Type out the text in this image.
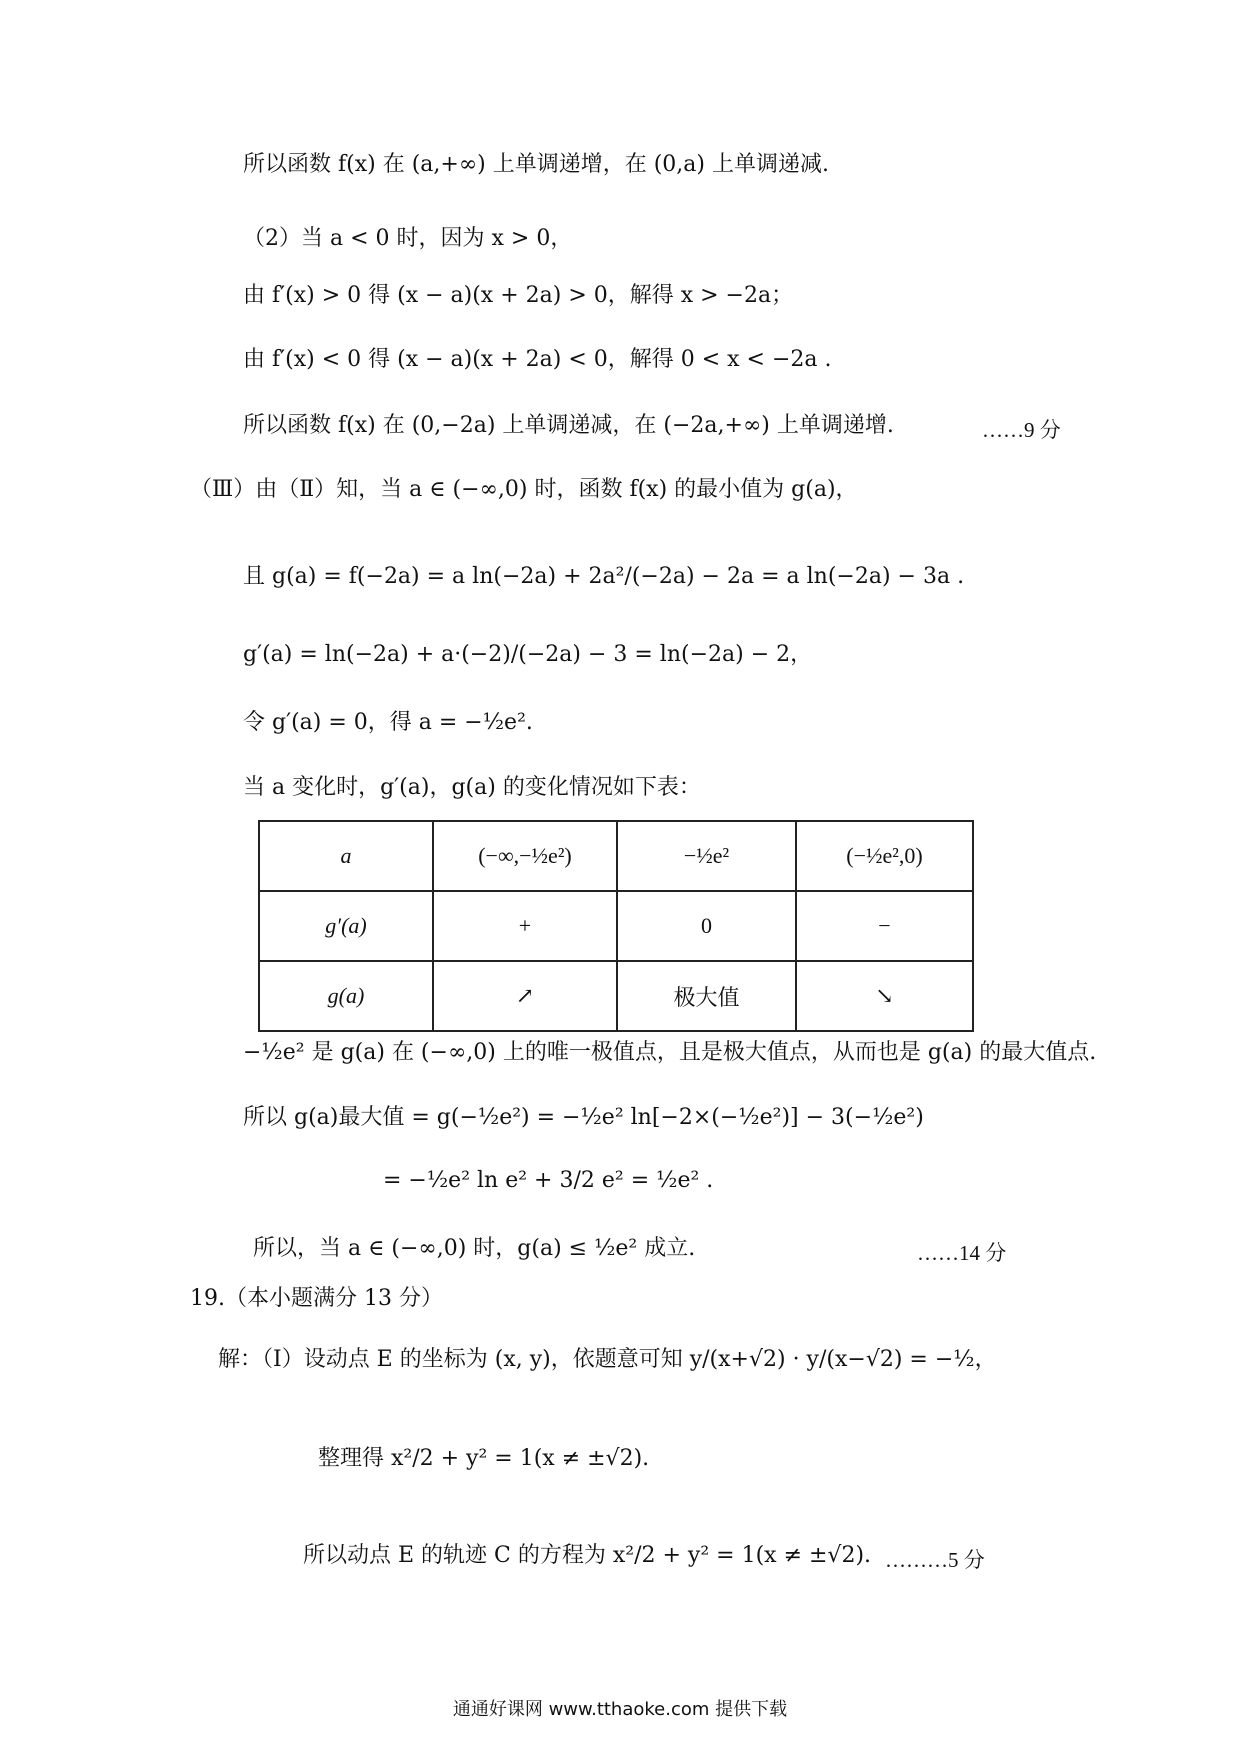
所以函数 f(x) 在 (a,+∞) 上单调递增，在 (0,a) 上单调递减.
（2）当 a < 0 时，因为 x > 0，
由 f′(x) > 0 得 (x − a)(x + 2a) > 0，解得 x > −2a；
由 f′(x) < 0 得 (x − a)(x + 2a) < 0，解得 0 < x < −2a .
所以函数 f(x) 在 (0,−2a) 上单调递减，在 (−2a,+∞) 上单调递增.	……9 分
（Ⅲ）由（Ⅱ）知，当 a ∈ (−∞,0) 时，函数 f(x) 的最小值为 g(a)，
且 g(a) = f(−2a) = a ln(−2a) + 2a²/(−2a) − 2a = a ln(−2a) − 3a .
g′(a) = ln(−2a) + a·(−2)/(−2a) − 3 = ln(−2a) − 2，
令 g′(a) = 0，得 a = −½e².
当 a 变化时，g′(a)，g(a) 的变化情况如下表：
a	(−∞,−½e²)	−½e²	(−½e²,0)
g′(a)	+	0	−
g(a)	↗	极大值	↘
−½e² 是 g(a) 在 (−∞,0) 上的唯一极值点，且是极大值点，从而也是 g(a) 的最大值点.
所以 g(a)最大值 = g(−½e²) = −½e² ln[−2×(−½e²)] − 3(−½e²)
= −½e² ln e² + 3/2 e² = ½e² .
所以，当 a ∈ (−∞,0) 时，g(a) ≤ ½e² 成立.	……14 分
19.（本小题满分 13 分）
解：（Ⅰ）设动点 E 的坐标为 (x, y)，依题意可知 y/(x+√2) · y/(x−√2) = −½，
整理得 x²/2 + y² = 1(x ≠ ±√2).
所以动点 E 的轨迹 C 的方程为 x²/2 + y² = 1(x ≠ ±√2). ………5 分
通通好课网 www.tthaoke.com 提供下载
